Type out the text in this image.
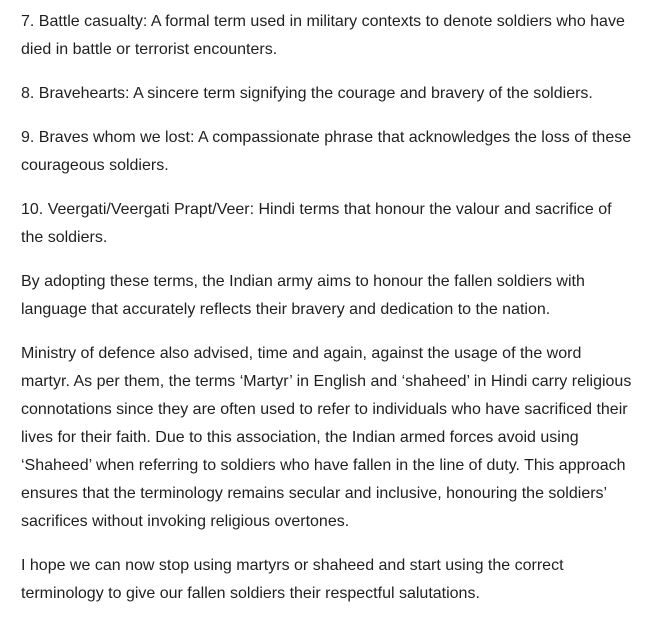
7. Battle casualty: A formal term used in military contexts to denote soldiers who have died in battle or terrorist encounters.

8. Bravehearts: A sincere term signifying the courage and bravery of the soldiers.

9. Braves whom we lost: A compassionate phrase that acknowledges the loss of these courageous soldiers.

10. Veergati/Veergati Prapt/Veer: Hindi terms that honour the valour and sacrifice of the soldiers.

By adopting these terms, the Indian army aims to honour the fallen soldiers with language that accurately reflects their bravery and dedication to the nation.

Ministry of defence also advised, time and again, against the usage of the word martyr. As per them, the terms ‘Martyr’ in English and ‘shaheed’ in Hindi carry religious connotations since they are often used to refer to individuals who have sacrificed their lives for their faith. Due to this association, the Indian armed forces avoid using ‘Shaheed’ when referring to soldiers who have fallen in the line of duty. This approach ensures that the terminology remains secular and inclusive, honouring the soldiers’ sacrifices without invoking religious overtones.

I hope we can now stop using martyrs or shaheed and start using the correct terminology to give our fallen soldiers their respectful salutations.
